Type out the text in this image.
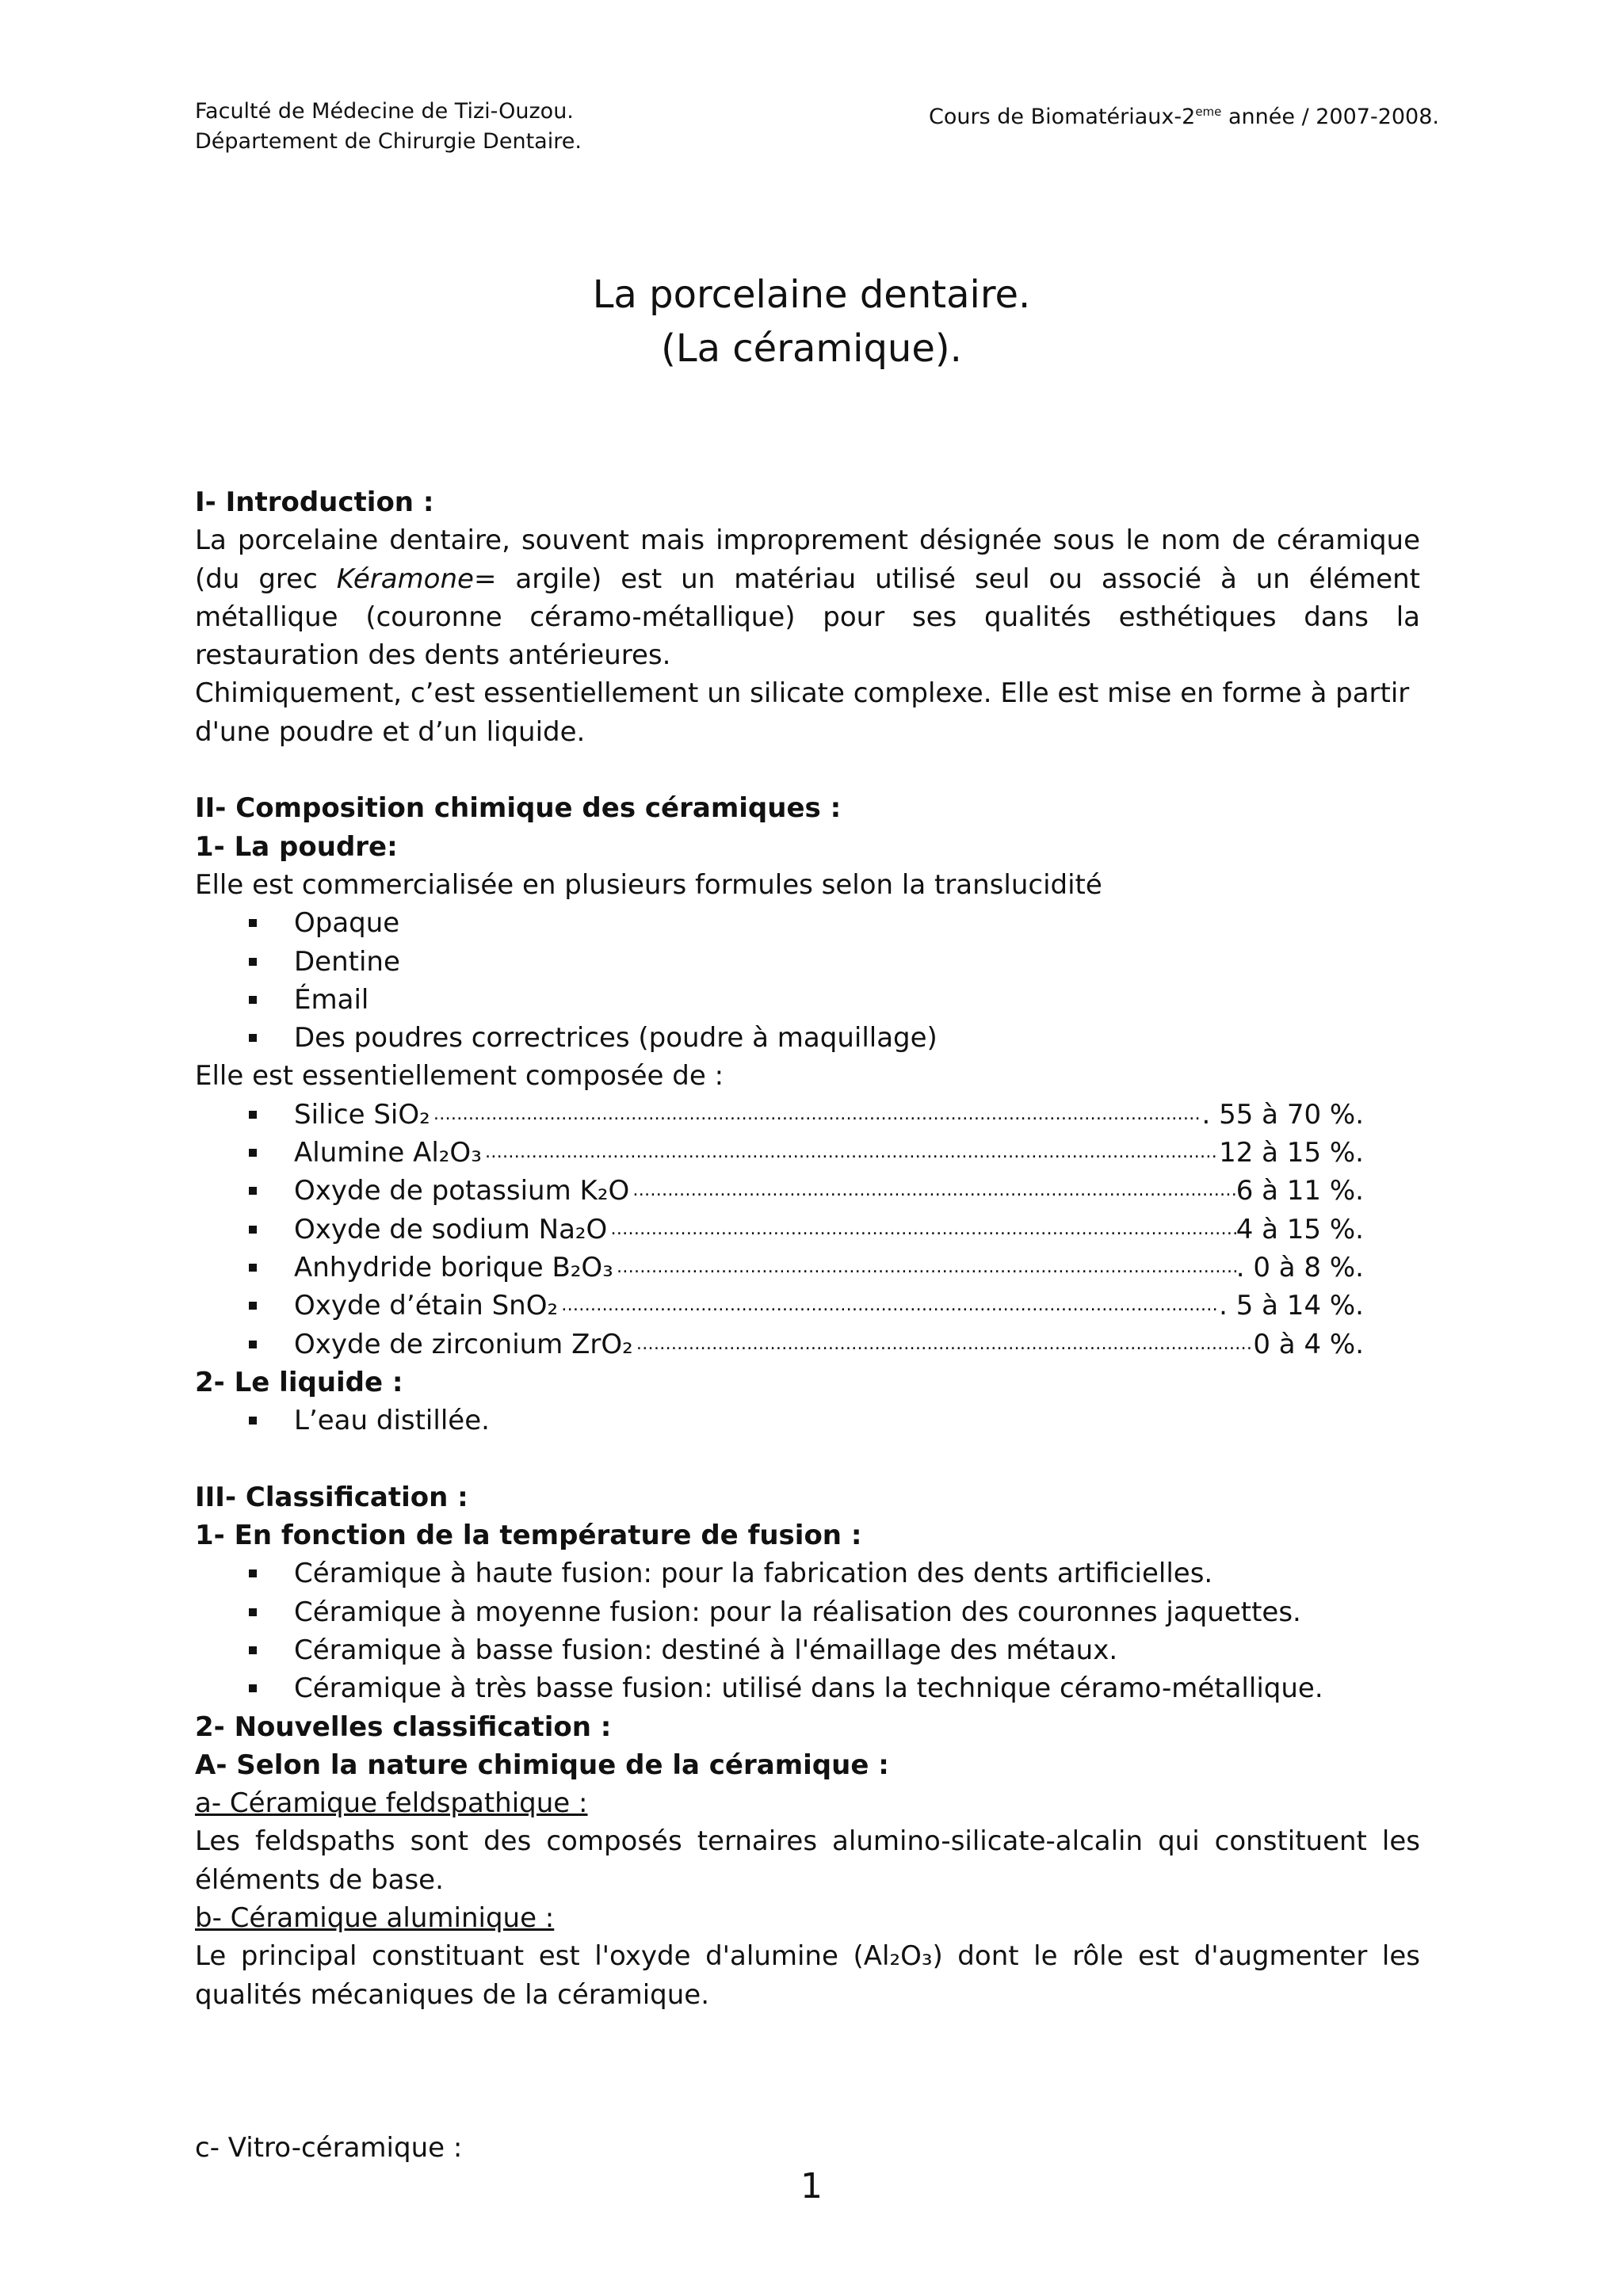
Faculté de Médecine de Tizi-Ouzou.
Département de Chirurgie Dentaire.
Cours de Biomatériaux-2eme année / 2007-2008.
La porcelaine dentaire.
(La céramique).

I- Introduction :

La porcelaine dentaire, souvent mais improprement désignée sous le nom de céramique (du grec Kéramone= argile) est un matériau utilisé seul ou associé à un élément métallique (couronne céramo-métallique) pour ses qualités esthétiques dans la restauration des dents antérieures.

Chimiquement, c’est essentiellement un silicate complexe. Elle est mise en forme à partir d'une poudre et d’un liquide.

II- Composition chimique des céramiques :

1- La poudre:

Elle est commercialisée en plusieurs formules selon la translucidité

Opaque
Dentine
Émail
Des poudres correctrices (poudre à maquillage)

Elle est essentiellement composée de :

Silice SiO₂ ……………………………………………………………………………………………………………………………………………………………………………………………………………………………	. 55 à 70 %.
Alumine Al₂O₃ ……………………………………………………………………………………………………………………………………………………………………………………………………………………………	12 à 15 %.
Oxyde de potassium K₂O ……………………………………………………………………………………………………………………………………………………………………………………………………………………………	6 à 11 %.
Oxyde de sodium Na₂O ……………………………………………………………………………………………………………………………………………………………………………………………………………………………	4 à 15 %.
Anhydride borique B₂O₃ ……………………………………………………………………………………………………………………………………………………………………………………………………………………………	. 0 à 8 %.
Oxyde d’étain SnO₂ ……………………………………………………………………………………………………………………………………………………………………………………………………………………………	. 5 à 14 %.
Oxyde de zirconium ZrO₂ ……………………………………………………………………………………………………………………………………………………………………………………………………………………………	0 à 4 %.

2- Le liquide :

L’eau distillée.

III- Classification :

1- En fonction de la température de fusion :

Céramique à haute fusion: pour la fabrication des dents artificielles.
Céramique à moyenne fusion: pour la réalisation des couronnes jaquettes.
Céramique à basse fusion: destiné à l'émaillage des métaux.
Céramique à très basse fusion: utilisé dans la technique céramo-métallique.

2- Nouvelles classification :

A- Selon la nature chimique de la céramique :

a- Céramique feldspathique :

Les feldspaths sont des composés ternaires alumino-silicate-alcalin qui constituent les éléments de base.

b- Céramique aluminique :

Le principal constituant est l'oxyde d'alumine (Al₂O₃) dont le rôle est d'augmenter les qualités mécaniques de la céramique.

c- Vitro-céramique :

1
